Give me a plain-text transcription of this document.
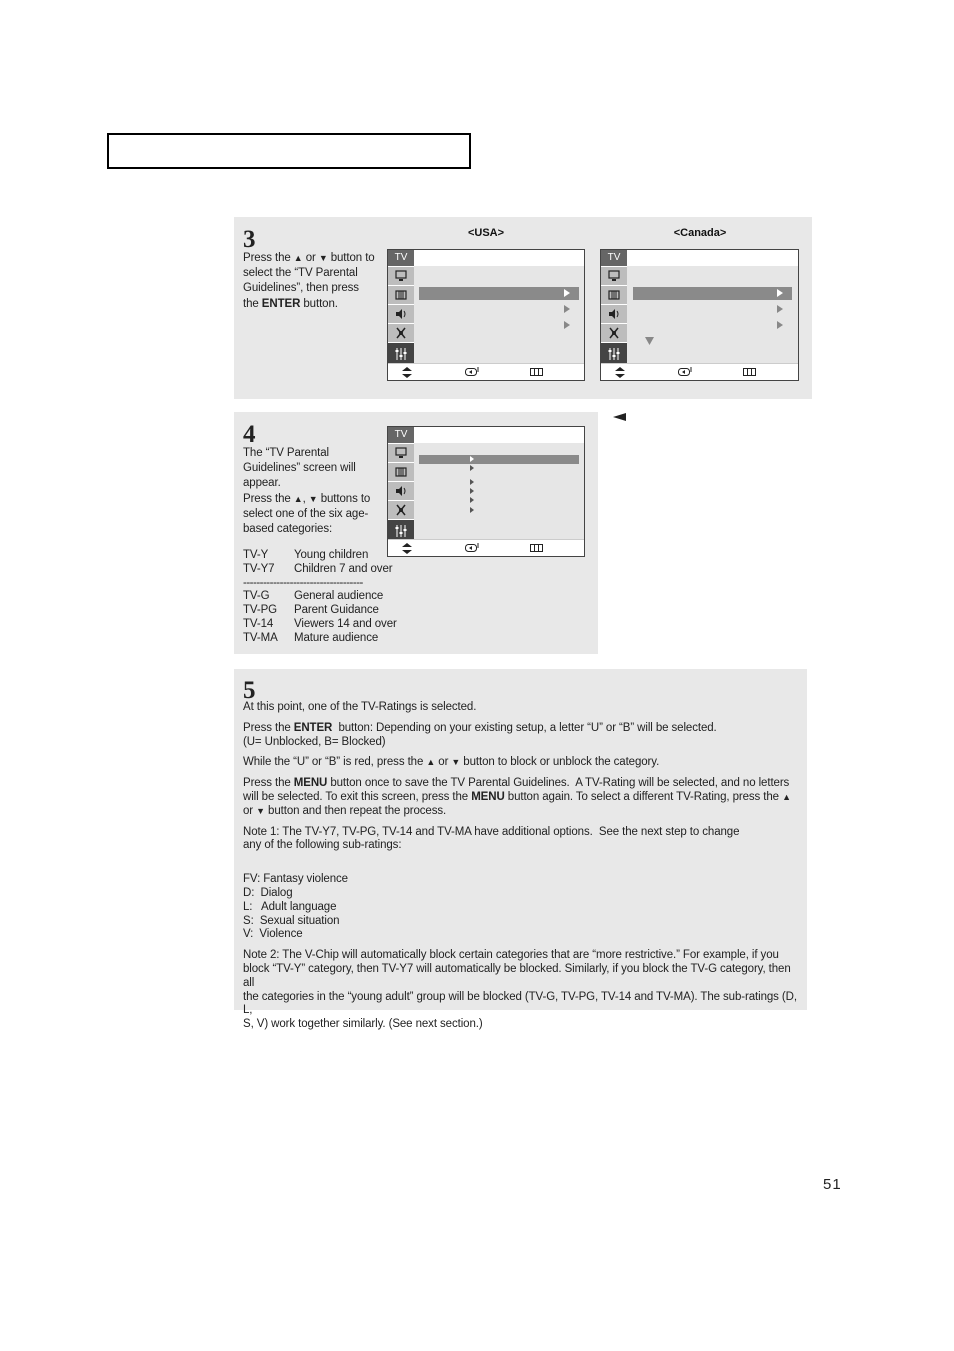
3
Press the ▲ or ▼ button to select the “TV Parental Guidelines”, then press the ENTER button.
<USA>	<Canada>
TV	TV
4
The “TV Parental Guidelines” screen will appear.
Press the ▲, ▼ buttons to select one of the six age-based categories:
TV-Y	Young children
TV-Y7	Children 7 and over
------------------------------------
TV-G	General audience
TV-PG	Parent Guidance
TV-14	Viewers 14 and over
TV-MA	Mature audience
TV
5
At this point, one of the TV-Ratings is selected.
Press the ENTER  button: Depending on your existing setup, a letter “U” or “B” will be selected.
(U= Unblocked, B= Blocked)
While the “U” or “B” is red, press the ▲ or ▼ button to block or unblock the category.
Press the MENU button once to save the TV Parental Guidelines.  A TV-Rating will be selected, and no letters
will be selected. To exit this screen, press the MENU button again. To select a different TV-Rating, press the ▲
or ▼ button and then repeat the process.
Note 1: The TV-Y7, TV-PG, TV-14 and TV-MA have additional options.  See the next step to change
any of the following sub-ratings:
FV: Fantasy violence
D:  Dialog
L:   Adult language
S:  Sexual situation
V:  Violence
Note 2: The V-Chip will automatically block certain categories that are “more restrictive.” For example, if you
block “TV-Y” category, then TV-Y7 will automatically be blocked. Similarly, if you block the TV-G category, then all
the categories in the “young adult” group will be blocked (TV-G, TV-PG, TV-14 and TV-MA). The sub-ratings (D, L,
S, V) work together similarly. (See next section.)
51
